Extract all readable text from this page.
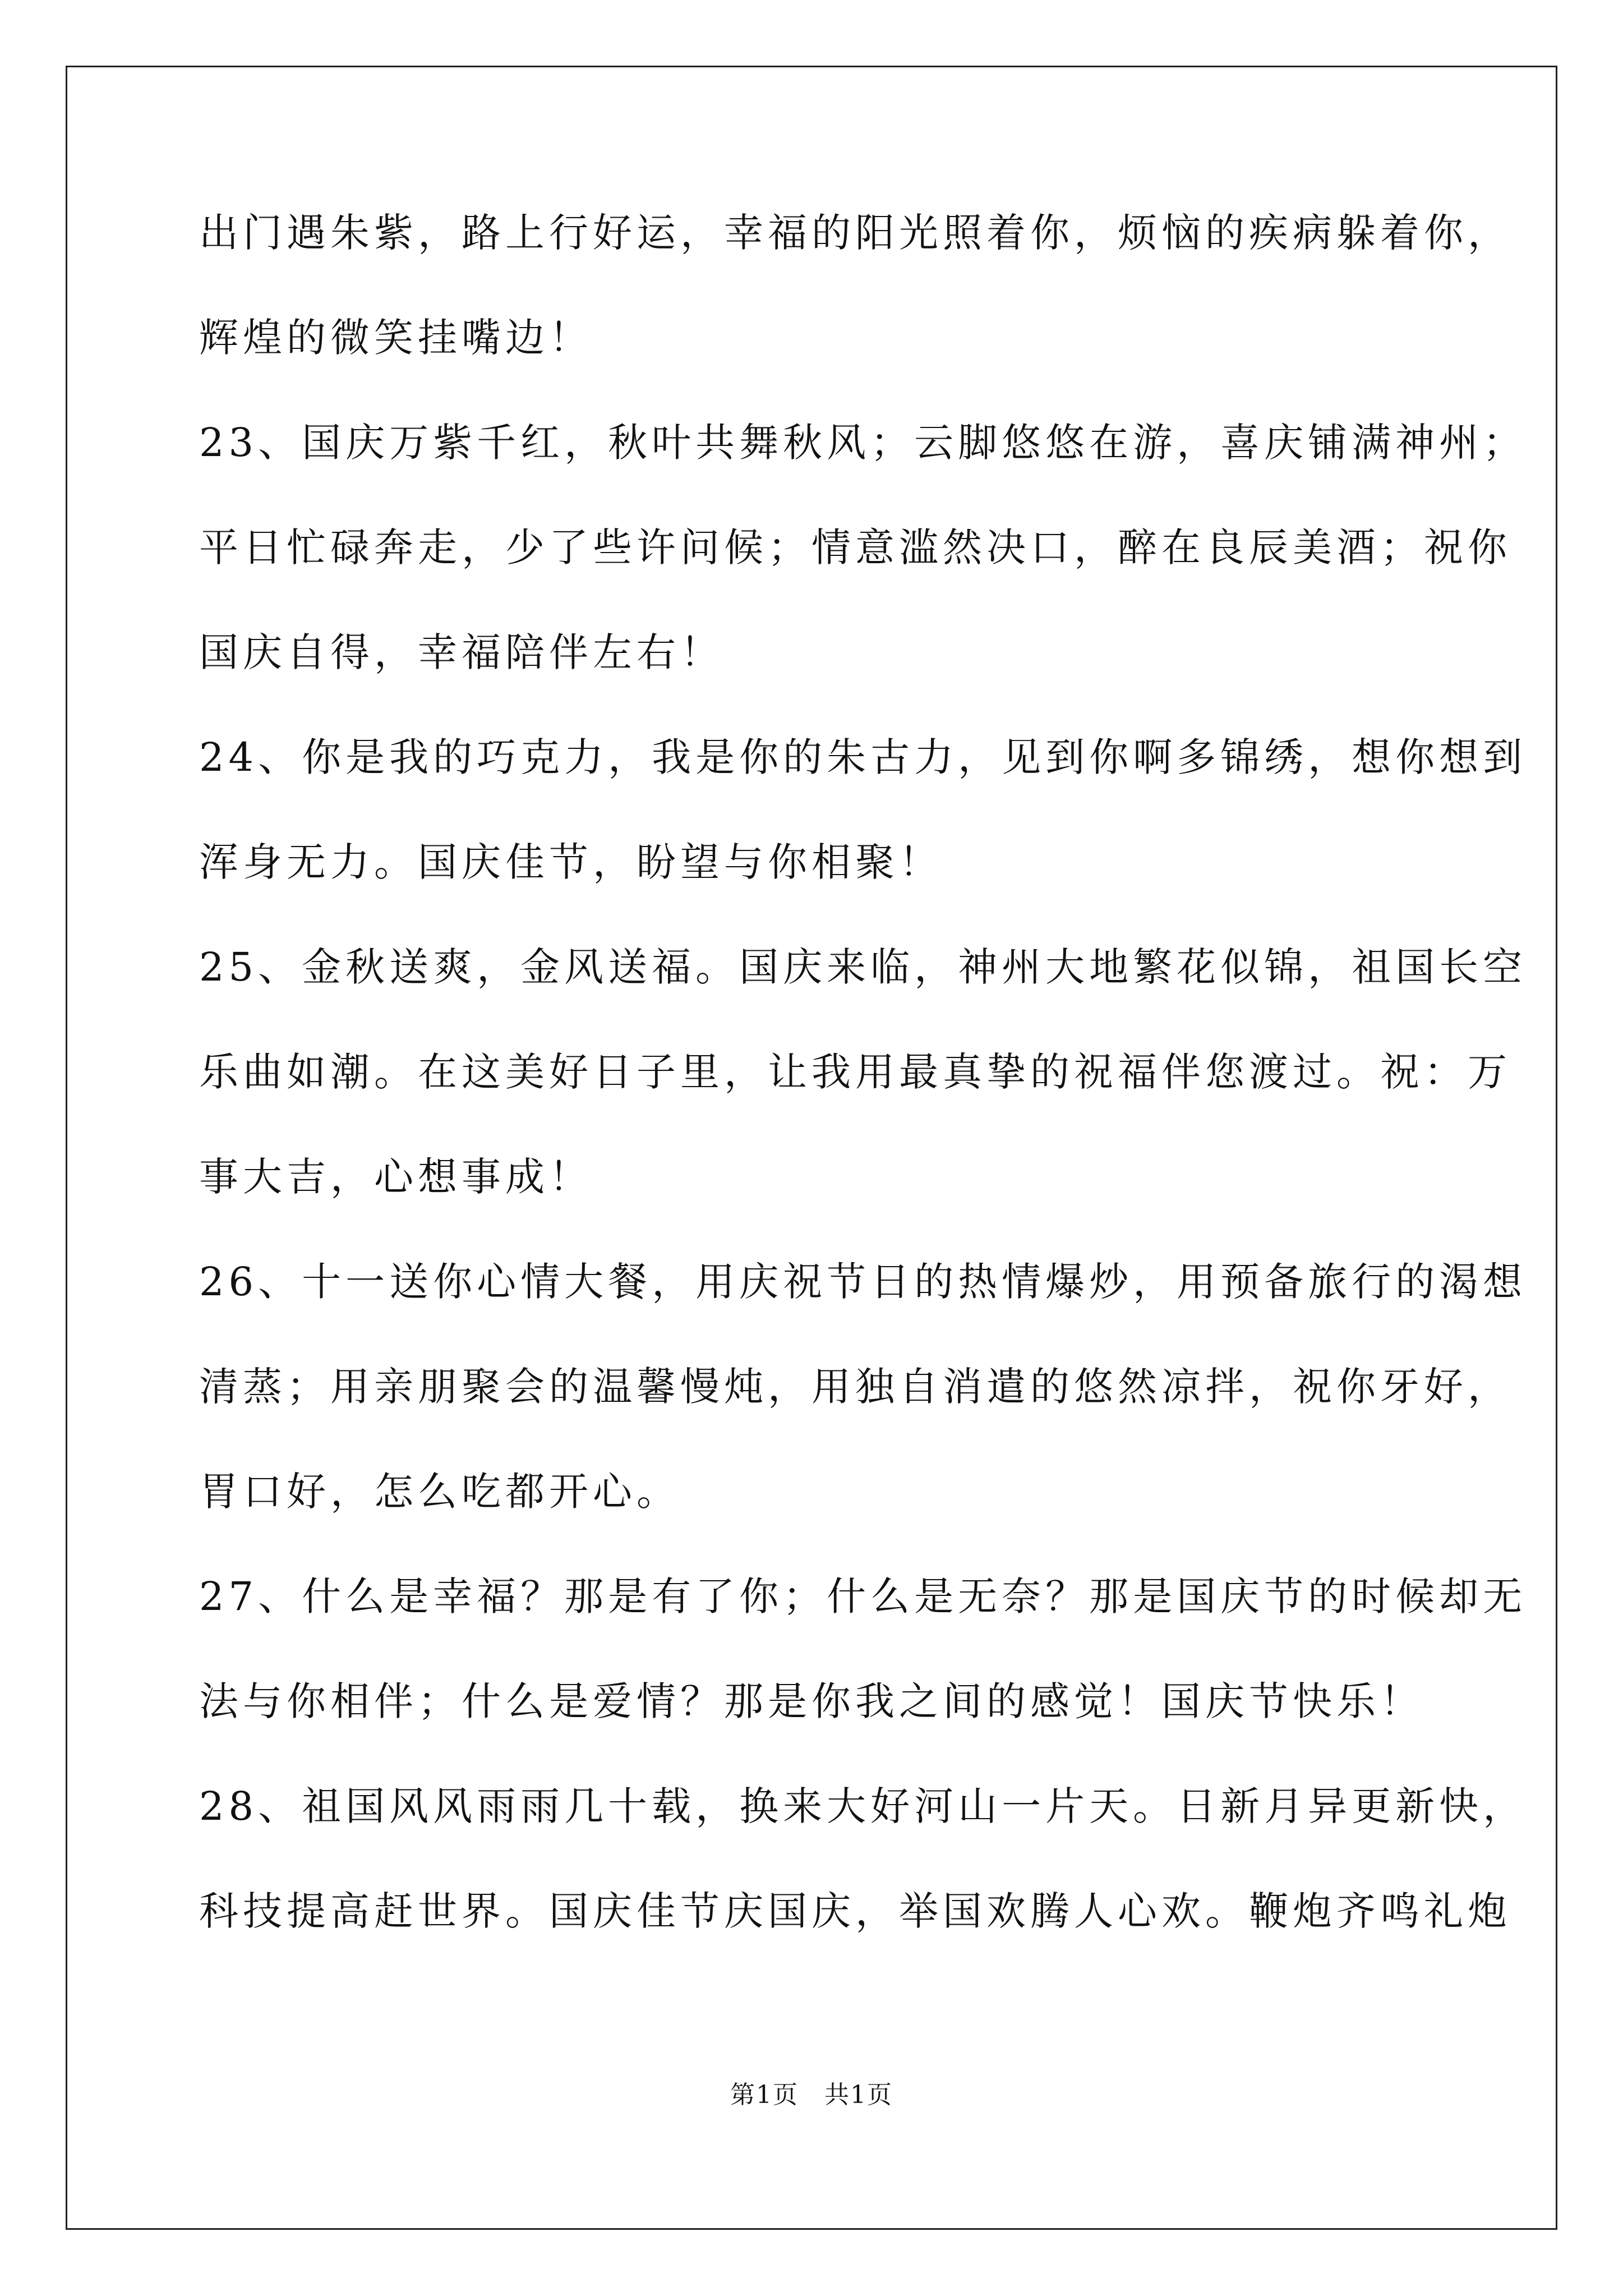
出门遇朱紫，路上行好运，幸福的阳光照着你，烦恼的疾病躲着你，
辉煌的微笑挂嘴边！
23、国庆万紫千红，秋叶共舞秋风；云脚悠悠在游，喜庆铺满神州；
平日忙碌奔走，少了些许问候；情意滥然决口，醉在良辰美酒；祝你
国庆自得，幸福陪伴左右！
24、你是我的巧克力，我是你的朱古力，见到你啊多锦绣，想你想到
浑身无力。国庆佳节，盼望与你相聚！
25、金秋送爽，金风送福。国庆来临，神州大地繁花似锦，祖国长空
乐曲如潮。在这美好日子里，让我用最真挚的祝福伴您渡过。祝：万
事大吉，心想事成！
26、十一送你心情大餐，用庆祝节日的热情爆炒，用预备旅行的渴想
清蒸；用亲朋聚会的温馨慢炖，用独自消遣的悠然凉拌，祝你牙好，
胃口好，怎么吃都开心。
27、什么是幸福？那是有了你；什么是无奈？那是国庆节的时候却无
法与你相伴；什么是爱情？那是你我之间的感觉！国庆节快乐！
28、祖国风风雨雨几十载，换来大好河山一片天。日新月异更新快，
科技提高赶世界。国庆佳节庆国庆，举国欢腾人心欢。鞭炮齐鸣礼炮
第1页　共1页
